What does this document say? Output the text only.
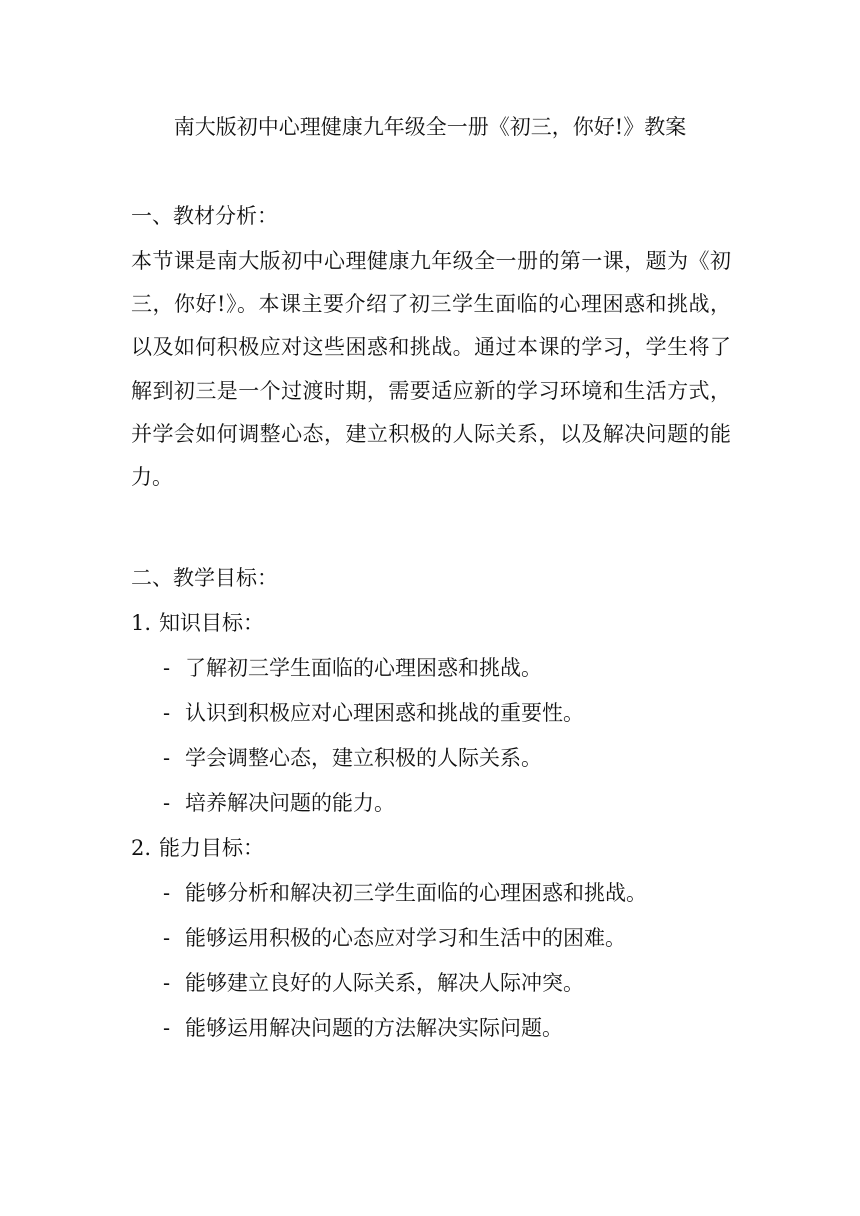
南大版初中心理健康九年级全一册《初三，你好!》教案
一、教材分析：
本节课是南大版初中心理健康九年级全一册的第一课，题为《初三，你好!》。本课主要介绍了初三学生面临的心理困惑和挑战，以及如何积极应对这些困惑和挑战。通过本课的学习，学生将了解到初三是一个过渡时期，需要适应新的学习环境和生活方式，并学会如何调整心态，建立积极的人际关系，以及解决问题的能力。
二、教学目标：
1. 知识目标：
- 了解初三学生面临的心理困惑和挑战。
- 认识到积极应对心理困惑和挑战的重要性。
- 学会调整心态，建立积极的人际关系。
- 培养解决问题的能力。
2. 能力目标：
- 能够分析和解决初三学生面临的心理困惑和挑战。
- 能够运用积极的心态应对学习和生活中的困难。
- 能够建立良好的人际关系，解决人际冲突。
- 能够运用解决问题的方法解决实际问题。
